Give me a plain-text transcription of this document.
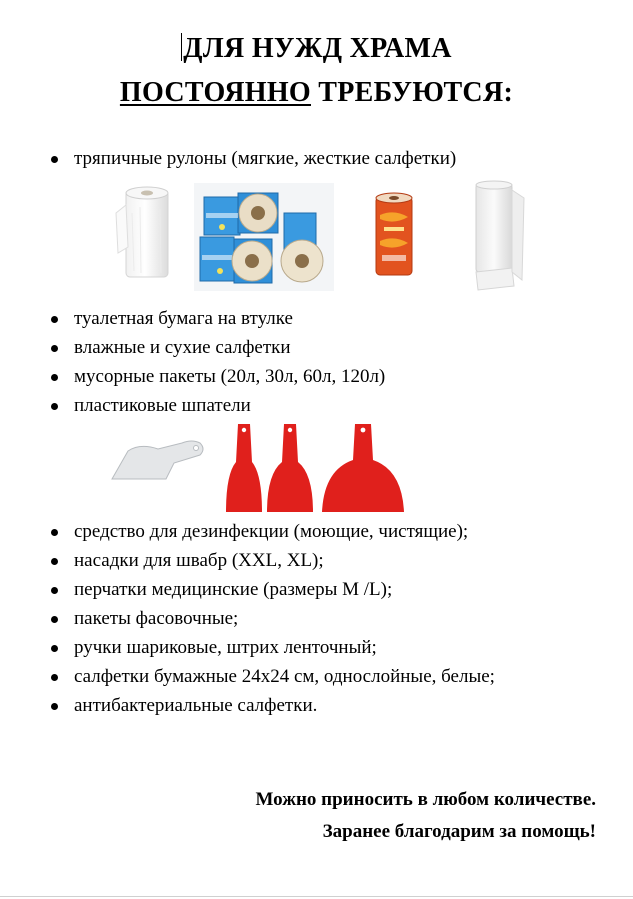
ДЛЯ НУЖД ХРАМА
ПОСТОЯННО ТРЕБУЮТСЯ:
тряпичные рулоны (мягкие, жесткие салфетки)
туалетная бумага на втулке
влажные и сухие салфетки
мусорные пакеты (20л, 30л, 60л, 120л)
пластиковые шпатели
средство для дезинфекции (моющие, чистящие);
насадки для швабр (XXL, XL);
перчатки медицинские (размеры М /L);
пакеты фасовочные;
ручки шариковые, штрих ленточный;
салфетки бумажные 24х24 см, однослойные, белые;
антибактериальные салфетки.
Можно приносить в любом количестве.
Заранее благодарим за помощь!
